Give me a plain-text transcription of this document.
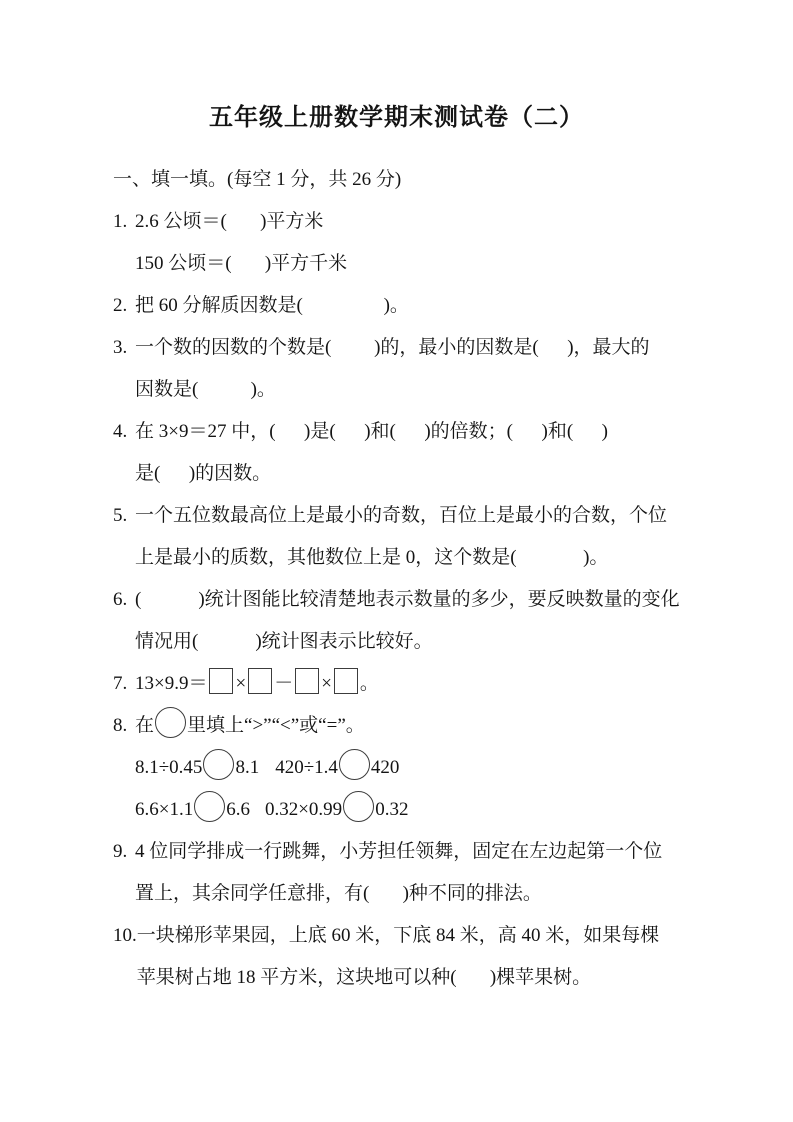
五年级上册数学期末测试卷（二）
一、填一填。(每空 1 分，共 26 分)
1. 2.6 公顷＝(       )平方米
150 公顷＝(       )平方千米
2. 把 60 分解质因数是(                 )。
3. 一个数的因数的个数是(         )的，最小的因数是(      )，最大的
因数是(           )。
4. 在 3×9＝27 中，(      )是(      )和(      )的倍数；(      )和(      )
是(      )的因数。
5. 一个五位数最高位上是最小的奇数，百位上是最小的合数，个位
上是最小的质数，其他数位上是 0，这个数是(              )。
6. (            )统计图能比较清楚地表示数量的多少，要反映数量的变化
情况用(            )统计图表示比较好。
7. 13×9.9＝ × － × 。
8. 在 里填上“>”“<”或“=”。
8.1÷0.45 8.1 420÷1.4 420
6.6×1.1 6.6 0.32×0.99 0.32
9. 4 位同学排成一行跳舞，小芳担任领舞，固定在左边起第一个位
置上，其余同学任意排，有(       )种不同的排法。
10. 一块梯形苹果园，上底 60 米，下底 84 米，高 40 米，如果每棵
苹果树占地 18 平方米，这块地可以种(       )棵苹果树。
